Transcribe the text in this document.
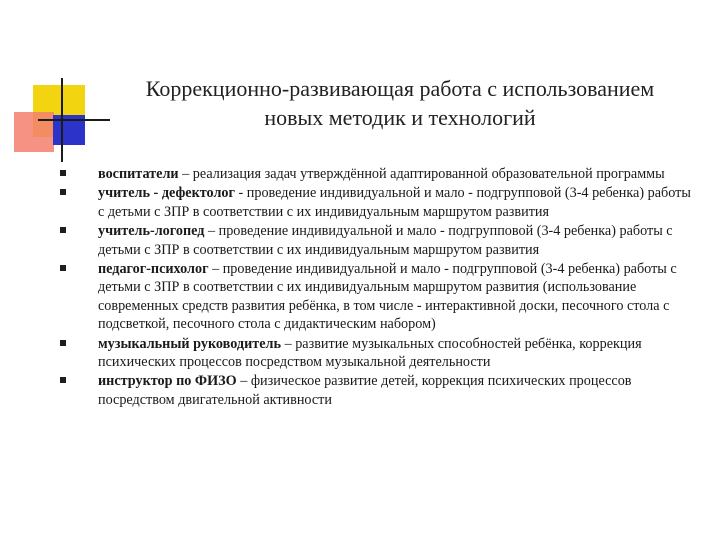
Коррекционно-развивающая работа с использованием
новых методик и технологий
воспитатели – реализация задач утверждённой адаптированной образовательной программы
учитель - дефектолог - проведение индивидуальной и мало - подгрупповой (3-4 ребенка) работы с детьми с ЗПР в соответствии с их индивидуальным маршрутом развития
учитель-логопед – проведение индивидуальной и мало - подгрупповой (3-4 ребенка) работы с детьми с ЗПР в соответствии с их индивидуальным маршрутом развития
педагог-психолог – проведение индивидуальной и мало - подгрупповой (3-4 ребенка) работы с детьми с ЗПР в соответствии с их индивидуальным маршрутом развития (использование современных средств развития ребёнка, в том числе - интерактивной доски, песочного стола с подсветкой, песочного стола с дидактическим набором)
музыкальный руководитель – развитие музыкальных способностей ребёнка, коррекция психических процессов посредством музыкальной деятельности
инструктор по ФИЗО – физическое развитие детей, коррекция психических процессов посредством двигательной активности
